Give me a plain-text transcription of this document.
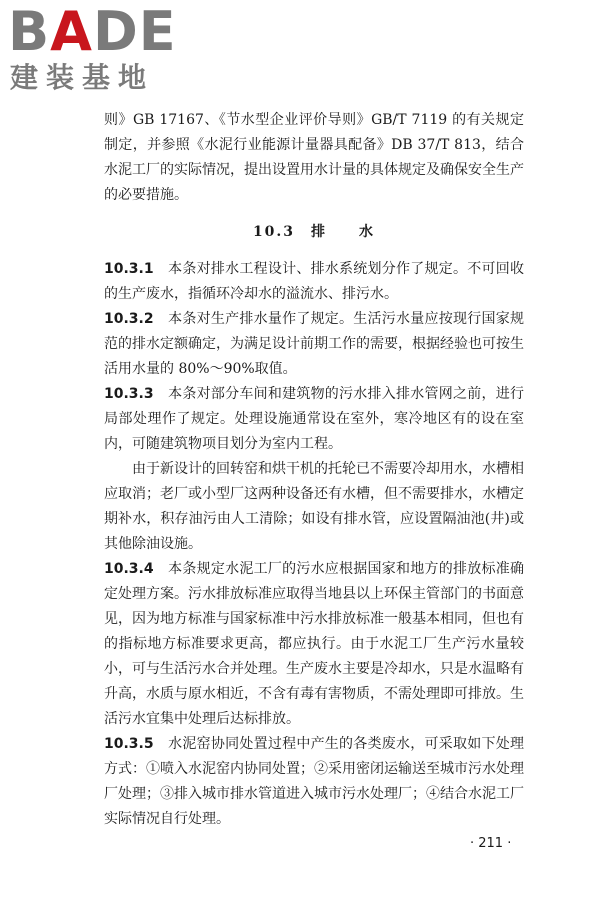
BADE
建装基地

则》GB 17167、《节水型企业评价导则》GB/T 7119 的有关规定制定，并参照《水泥行业能源计量器具配备》DB 37/T 813，结合水泥工厂的实际情况，提出设置用水计量的具体规定及确保安全生产的必要措施。

10.3　排　　水

10.3.1　 本条对排水工程设计、排水系统划分作了规定。不可回收的生产废水，指循环冷却水的溢流水、排污水。

10.3.2　 本条对生产排水量作了规定。生活污水量应按现行国家规范的排水定额确定，为满足设计前期工作的需要，根据经验也可按生活用水量的 80%～90%取值。

10.3.3　 本条对部分车间和建筑物的污水排入排水管网之前，进行局部处理作了规定。处理设施通常设在室外，寒冷地区有的设在室内，可随建筑物项目划分为室内工程。

由于新设计的回转窑和烘干机的托轮已不需要冷却用水，水槽相应取消；老厂或小型厂这两种设备还有水槽，但不需要排水，水槽定期补水，积存油污由人工清除；如设有排水管，应设置隔油池(井)或其他除油设施。

10.3.4　 本条规定水泥工厂的污水应根据国家和地方的排放标准确定处理方案。污水排放标准应取得当地县以上环保主管部门的书面意见，因为地方标准与国家标准中污水排放标准一般基本相同，但也有的指标地方标准要求更高，都应执行。由于水泥工厂生产污水量较小，可与生活污水合并处理。生产废水主要是冷却水，只是水温略有升高，水质与原水相近，不含有毒有害物质，不需处理即可排放。生活污水宜集中处理后达标排放。

10.3.5　 水泥窑协同处置过程中产生的各类废水，可采取如下处理方式：①喷入水泥窑内协同处置；②采用密闭运输送至城市污水处理厂处理；③排入城市排水管道进入城市污水处理厂；④结合水泥工厂实际情况自行处理。

· 211 ·
